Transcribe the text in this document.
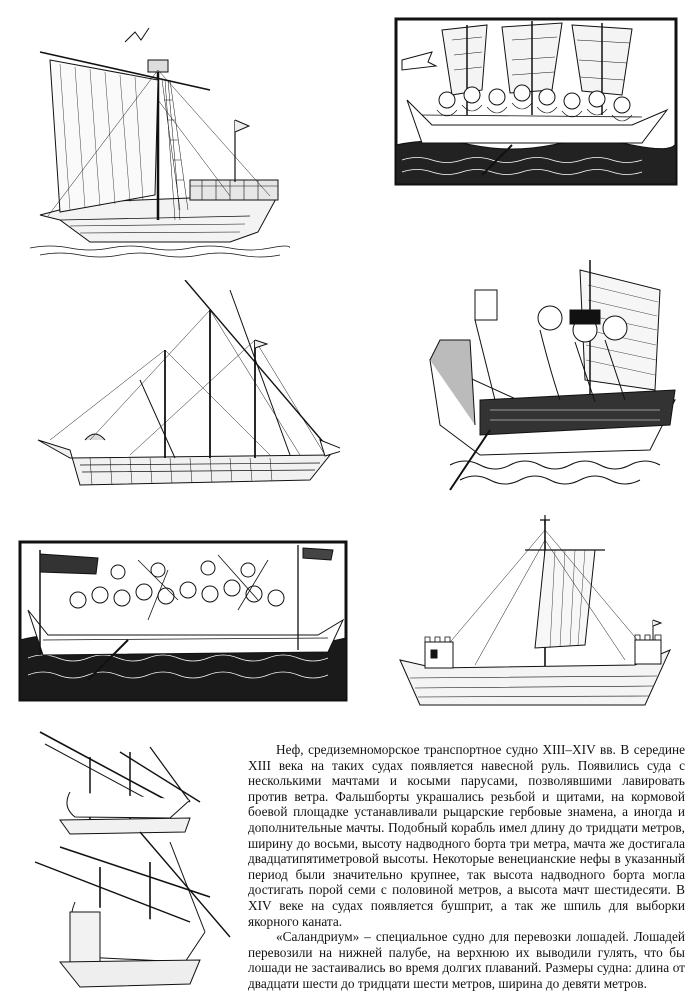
Неф, средиземноморское транспортное судно XIII–XIV вв. В середине XIII века на таких судах появляется навесной руль. Появились суда с несколькими мачтами и косыми парусами, позволявшими лавировать против ветра. Фальшборты украшались резьбой и щитами, на кормовой боевой площадке устанавливали рыцарские гербовые знамена, а иногда и дополнительные мачты. Подобный корабль имел длину до тридцати метров, ширину до восьми, высоту надводного борта три метра, мачта же достигала двадцатипятиметровой высоты. Некоторые венецианские нефы в указанный период были значительно крупнее, так высота надводного борта могла достигать порой семи с половиной метров, а высота мачт шестидесяти. В XIV веке на судах появляется бушприт, а так же шпиль для выборки якорного каната.

«Саландриум» – специальное судно для перевозки лошадей. Лошадей перевозили на нижней палубе, на верхнюю их выводили гулять, что бы лошади не застаивались во время долгих плаваний. Размеры судна: длина от двадцати шести до тридцати шести метров, ширина до девяти метров.
